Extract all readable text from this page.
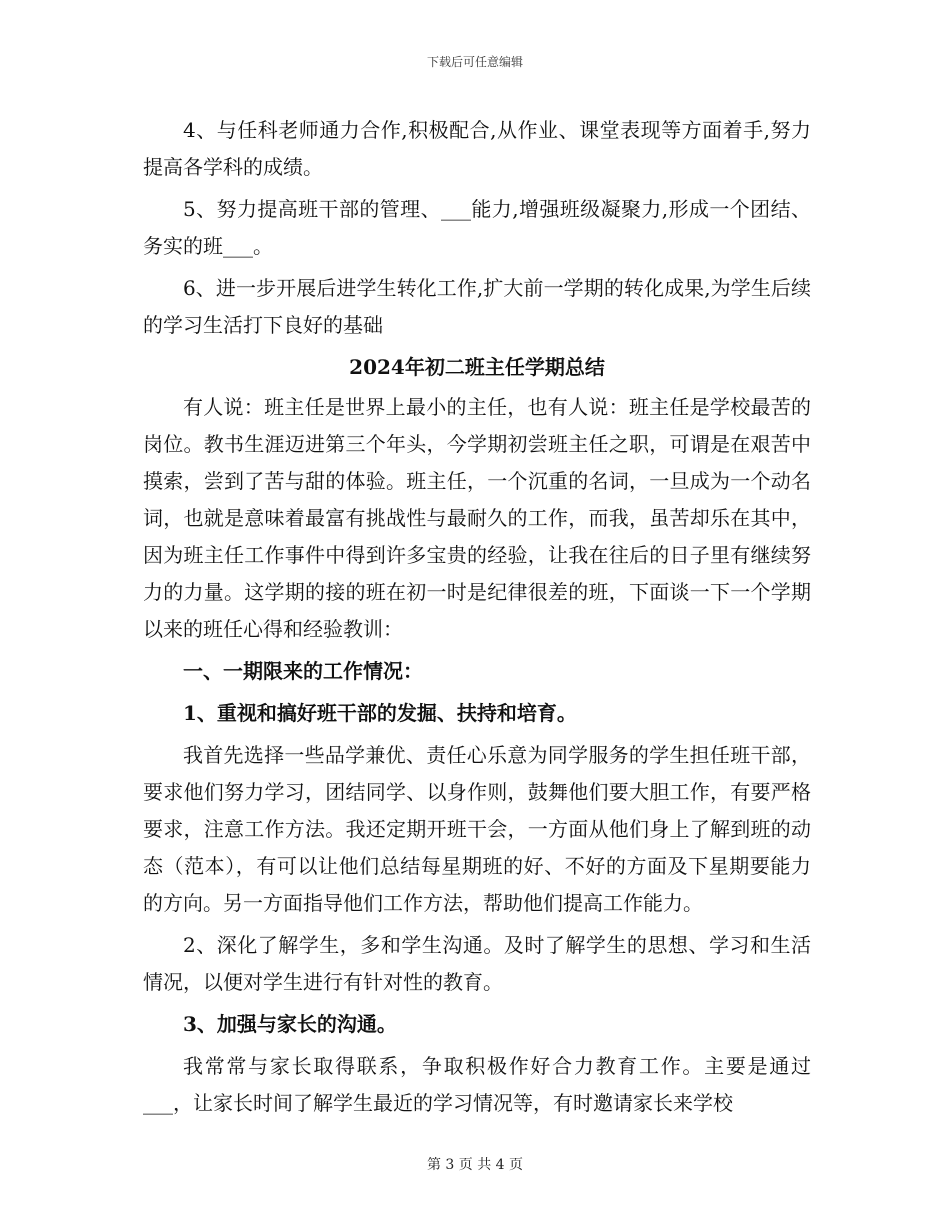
下载后可任意编辑

4、与任科老师通力合作,积极配合,从作业、课堂表现等方面着手,努力提高各学科的成绩。

5、努力提高班干部的管理、___能力,增强班级凝聚力,形成一个团结、务实的班___。

6、进一步开展后进学生转化工作,扩大前一学期的转化成果,为学生后续的学习生活打下良好的基础

2024年初二班主任学期总结

有人说：班主任是世界上最小的主任，也有人说：班主任是学校最苦的岗位。教书生涯迈进第三个年头，今学期初尝班主任之职，可谓是在艰苦中摸索，尝到了苦与甜的体验。班主任，一个沉重的名词，一旦成为一个动名词，也就是意味着最富有挑战性与最耐久的工作，而我，虽苦却乐在其中，因为班主任工作事件中得到许多宝贵的经验，让我在往后的日子里有继续努力的力量。这学期的接的班在初一时是纪律很差的班，下面谈一下一个学期以来的班任心得和经验教训：

一、一期限来的工作情况：

1、重视和搞好班干部的发掘、扶持和培育。

我首先选择一些品学兼优、责任心乐意为同学服务的学生担任班干部，要求他们努力学习，团结同学、以身作则，鼓舞他们要大胆工作，有要严格要求，注意工作方法。我还定期开班干会，一方面从他们身上了解到班的动态（范本），有可以让他们总结每星期班的好、不好的方面及下星期要能力的方向。另一方面指导他们工作方法，帮助他们提高工作能力。

2、深化了解学生，多和学生沟通。及时了解学生的思想、学习和生活情况，以便对学生进行有针对性的教育。

3、加强与家长的沟通。

我常常与家长取得联系，争取积极作好合力教育工作。主要是通过___，让家长时间了解学生最近的学习情况等，有时邀请家长来学校

第 3 页 共 4 页
